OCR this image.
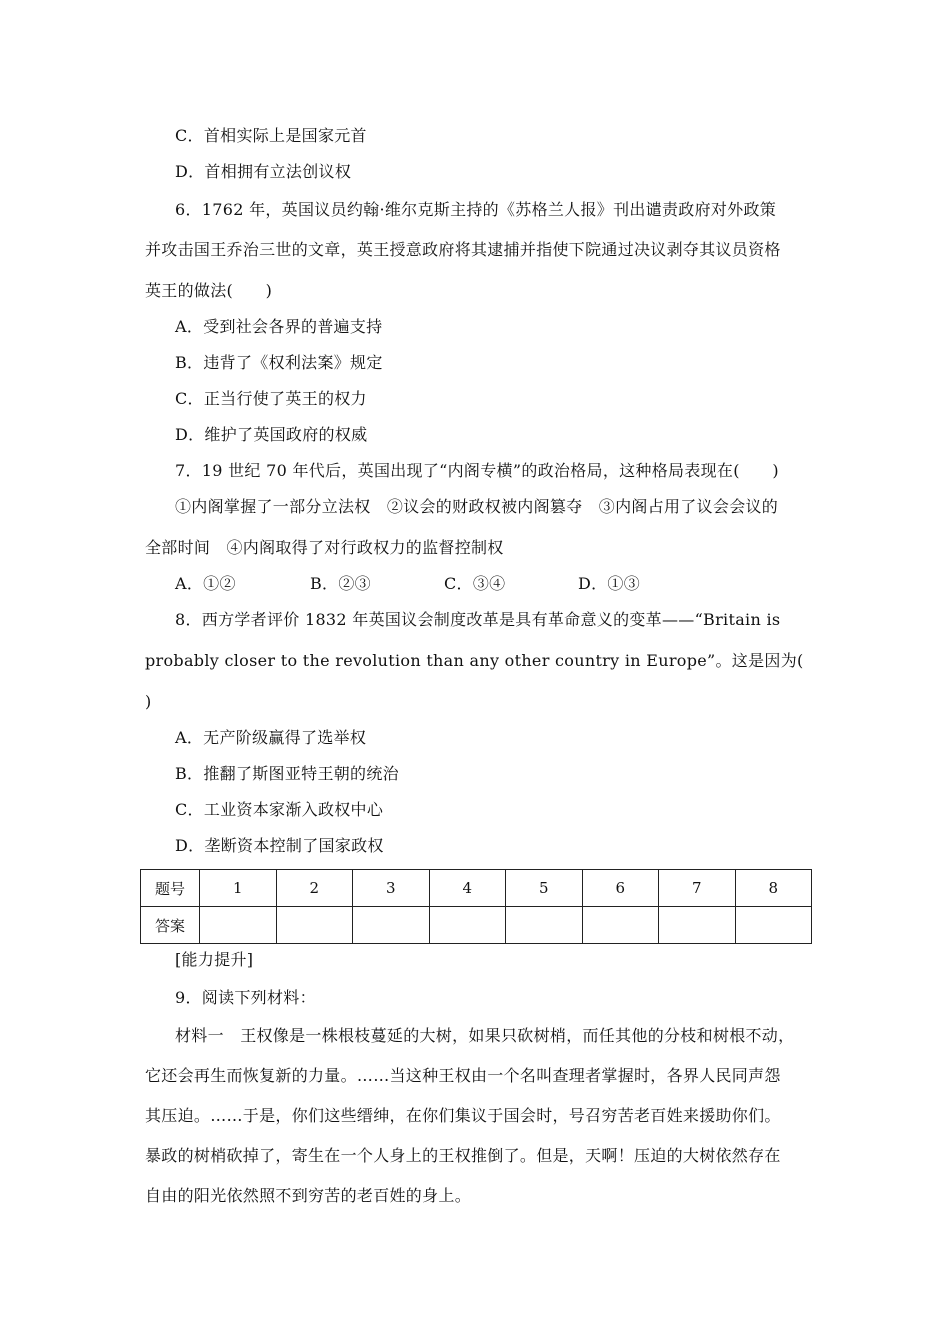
C．首相实际上是国家元首
D．首相拥有立法创议权
6．1762 年，英国议员约翰·维尔克斯主持的《苏格兰人报》刊出谴责政府对外政策
并攻击国王乔治三世的文章，英王授意政府将其逮捕并指使下院通过决议剥夺其议员资格
英王的做法(　　)
A．受到社会各界的普遍支持
B．违背了《权利法案》规定
C．正当行使了英王的权力
D．维护了英国政府的权威
7．19 世纪 70 年代后，英国出现了“内阁专横”的政治格局，这种格局表现在(　　)
①内阁掌握了一部分立法权　②议会的财政权被内阁篡夺　③内阁占用了议会会议的
全部时间　④内阁取得了对行政权力的监督控制权
A．①②	B．②③	C．③④	D．①③
8．西方学者评价 1832 年英国议会制度改革是具有革命意义的变革——“Britain is
probably closer to the revolution than any other country in Europe”。这是因为(
)
A．无产阶级赢得了选举权
B．推翻了斯图亚特王朝的统治
C．工业资本家渐入政权中心
D．垄断资本控制了国家政权
题号	1	2	3	4	5	6	7	8
答案								
[能力提升]
9．阅读下列材料：
材料一　王权像是一株根枝蔓延的大树，如果只砍树梢，而任其他的分枝和树根不动，
它还会再生而恢复新的力量。……当这种王权由一个名叫查理者掌握时，各界人民同声怨
其压迫。……于是，你们这些缙绅，在你们集议于国会时，号召穷苦老百姓来援助你们。
暴政的树梢砍掉了，寄生在一个人身上的王权推倒了。但是，天啊！压迫的大树依然存在
自由的阳光依然照不到穷苦的老百姓的身上。
